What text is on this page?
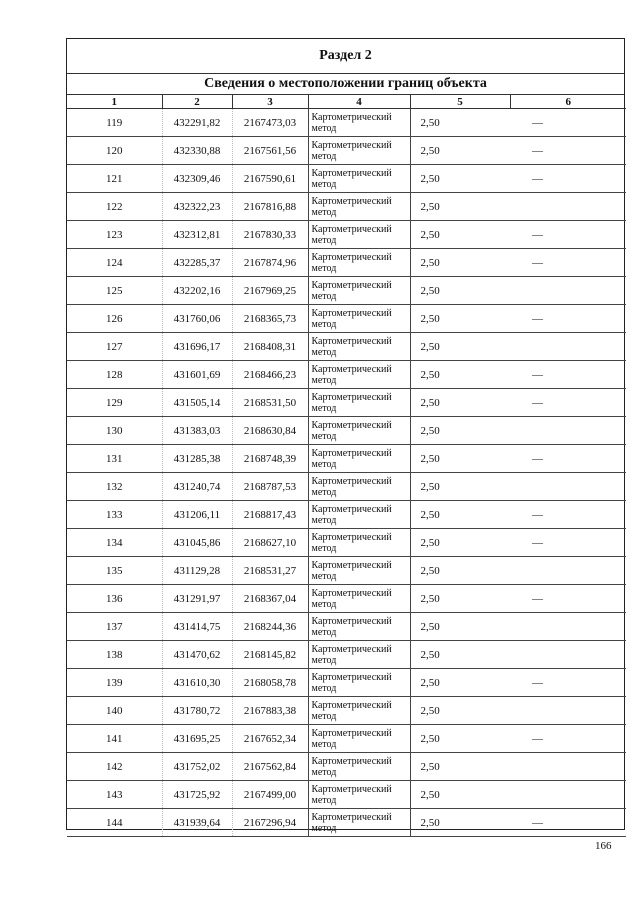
Раздел 2
Сведения о местоположении границ объекта
1	2	3	4	5	6
119	432291,82	2167473,03	Картометрический
метод	2,50	—
120	432330,88	2167561,56	Картометрический
метод	2,50	—
121	432309,46	2167590,61	Картометрический
метод	2,50	—
122	432322,23	2167816,88	Картометрический
метод	2,50	
123	432312,81	2167830,33	Картометрический
метод	2,50	—
124	432285,37	2167874,96	Картометрический
метод	2,50	—
125	432202,16	2167969,25	Картометрический
метод	2,50	
126	431760,06	2168365,73	Картометрический
метод	2,50	—
127	431696,17	2168408,31	Картометрический
метод	2,50	
128	431601,69	2168466,23	Картометрический
метод	2,50	—
129	431505,14	2168531,50	Картометрический
метод	2,50	—
130	431383,03	2168630,84	Картометрический
метод	2,50	
131	431285,38	2168748,39	Картометрический
метод	2,50	—
132	431240,74	2168787,53	Картометрический
метод	2,50	
133	431206,11	2168817,43	Картометрический
метод	2,50	—
134	431045,86	2168627,10	Картометрический
метод	2,50	—
135	431129,28	2168531,27	Картометрический
метод	2,50	
136	431291,97	2168367,04	Картометрический
метод	2,50	—
137	431414,75	2168244,36	Картометрический
метод	2,50	
138	431470,62	2168145,82	Картометрический
метод	2,50	
139	431610,30	2168058,78	Картометрический
метод	2,50	—
140	431780,72	2167883,38	Картометрический
метод	2,50	
141	431695,25	2167652,34	Картометрический
метод	2,50	—
142	431752,02	2167562,84	Картометрический
метод	2,50	
143	431725,92	2167499,00	Картометрический
метод	2,50	
144	431939,64	2167296,94	Картометрический
метод	2,50	—
166
